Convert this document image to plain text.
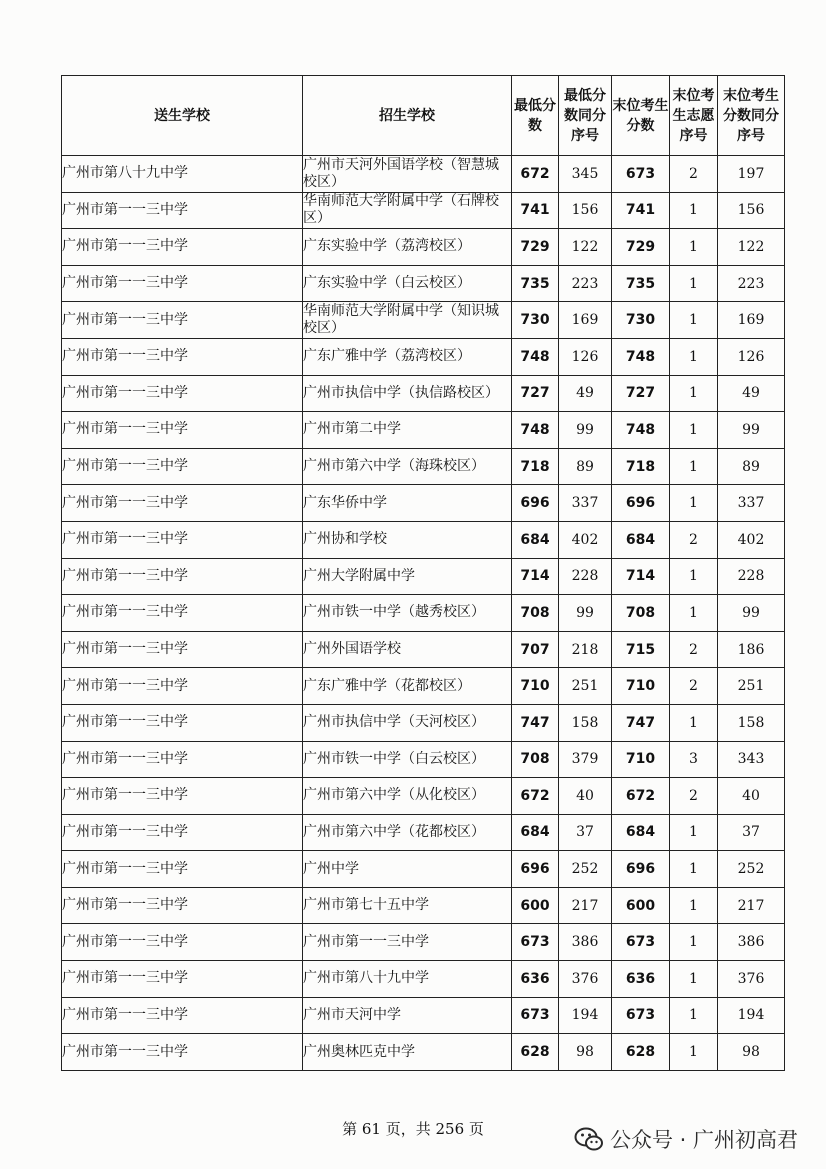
送生学校	招生学校	最低分数	最低分数同分序号	末位考生分数	末位考生志愿序号	末位考生分数同分序号
广州市第八十九中学	广州市天河外国语学校（智慧城校区）	672	345	673	2	197
广州市第一一三中学	华南师范大学附属中学（石牌校区）	741	156	741	1	156
广州市第一一三中学	广东实验中学（荔湾校区）	729	122	729	1	122
广州市第一一三中学	广东实验中学（白云校区）	735	223	735	1	223
广州市第一一三中学	华南师范大学附属中学（知识城校区）	730	169	730	1	169
广州市第一一三中学	广东广雅中学（荔湾校区）	748	126	748	1	126
广州市第一一三中学	广州市执信中学（执信路校区）	727	49	727	1	49
广州市第一一三中学	广州市第二中学	748	99	748	1	99
广州市第一一三中学	广州市第六中学（海珠校区）	718	89	718	1	89
广州市第一一三中学	广东华侨中学	696	337	696	1	337
广州市第一一三中学	广州协和学校	684	402	684	2	402
广州市第一一三中学	广州大学附属中学	714	228	714	1	228
广州市第一一三中学	广州市铁一中学（越秀校区）	708	99	708	1	99
广州市第一一三中学	广州外国语学校	707	218	715	2	186
广州市第一一三中学	广东广雅中学（花都校区）	710	251	710	2	251
广州市第一一三中学	广州市执信中学（天河校区）	747	158	747	1	158
广州市第一一三中学	广州市铁一中学（白云校区）	708	379	710	3	343
广州市第一一三中学	广州市第六中学（从化校区）	672	40	672	2	40
广州市第一一三中学	广州市第六中学（花都校区）	684	37	684	1	37
广州市第一一三中学	广州中学	696	252	696	1	252
广州市第一一三中学	广州市第七十五中学	600	217	600	1	217
广州市第一一三中学	广州市第一一三中学	673	386	673	1	386
广州市第一一三中学	广州市第八十九中学	636	376	636	1	376
广州市第一一三中学	广州市天河中学	673	194	673	1	194
广州市第一一三中学	广州奥林匹克中学	628	98	628	1	98
第 61 页，共 256 页	公众号 · 广州初高君
